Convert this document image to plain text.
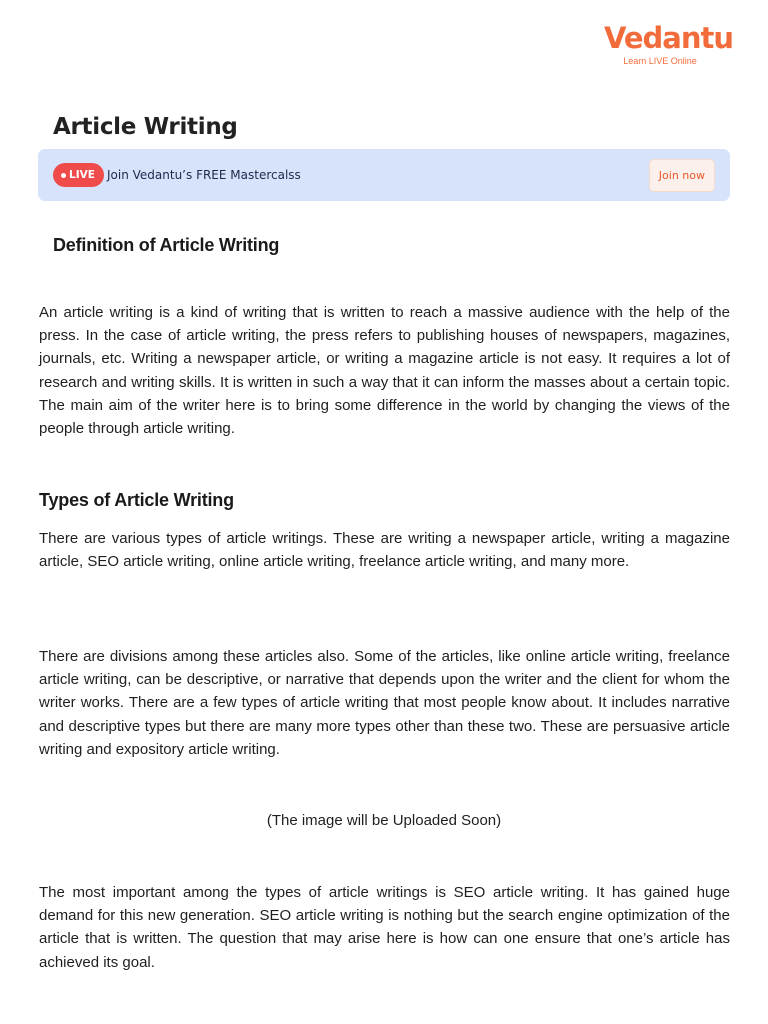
Vedantu
Learn LIVE Online
Article Writing
LIVE Join Vedantu’s FREE Mastercalss	Join now
Definition of Article Writing

An article writing is a kind of writing that is written to reach a massive audience with the help of the press. In the case of article writing, the press refers to publishing houses of newspapers, magazines, journals, etc. Writing a newspaper article, or writing a magazine article is not easy. It requires a lot of research and writing skills. It is written in such a way that it can inform the masses about a certain topic. The main aim of the writer here is to bring some difference in the world by changing the views of the people through article writing.

Types of Article Writing

There are various types of article writings. These are writing a newspaper article, writing a magazine article, SEO article writing, online article writing, freelance article writing, and many more.

There are divisions among these articles also. Some of the articles, like online article writing, freelance article writing, can be descriptive, or narrative that depends upon the writer and the client for whom the writer works. There are a few types of article writing that most people know about. It includes narrative and descriptive types but there are many more types other than these two. These are persuasive article writing and expository article writing.

(The image will be Uploaded Soon)

The most important among the types of article writings is SEO article writing. It has gained huge demand for this new generation. SEO article writing is nothing but the search engine optimization of the article that is written. The question that may arise here is how can one ensure that one’s article has achieved its goal.
